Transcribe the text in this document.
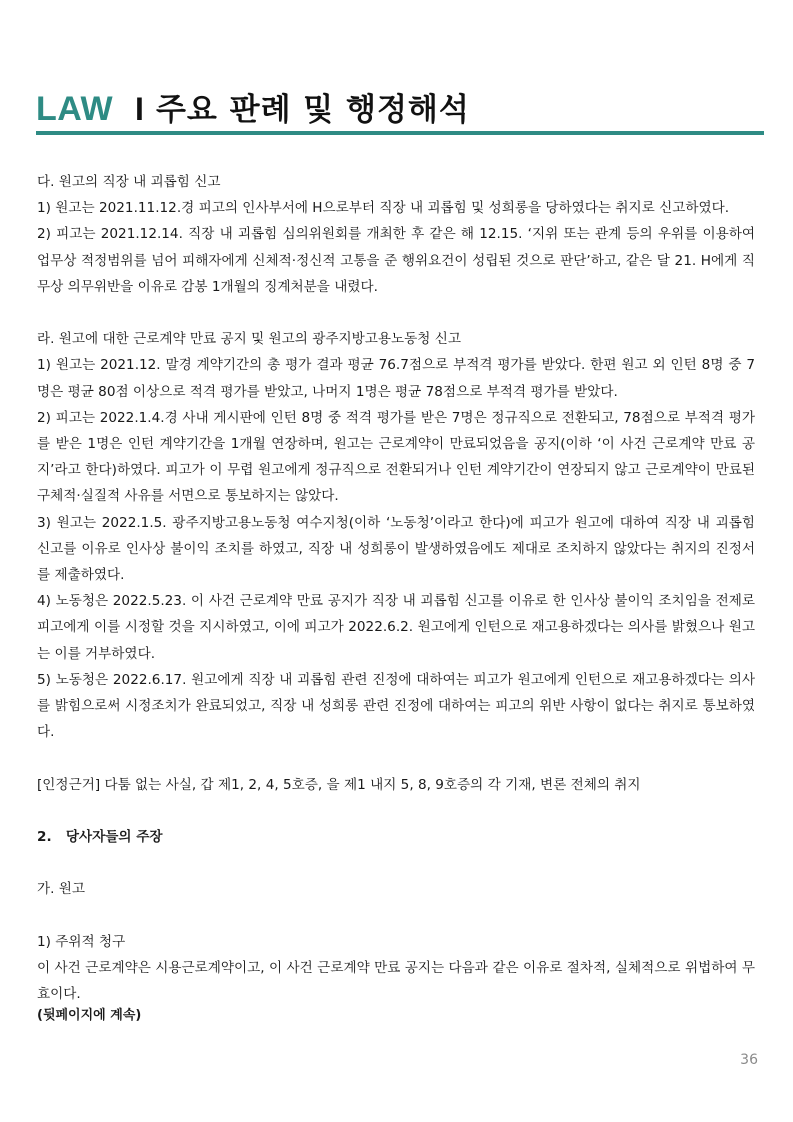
LAW I 주요 판례 및 행정해석

다. 원고의 직장 내 괴롭힘 신고

1) 원고는 2021.11.12.경 피고의 인사부서에 H으로부터 직장 내 괴롭힘 및 성희롱을 당하였다는 취지로 신고하였다.

2) 피고는 2021.12.14. 직장 내 괴롭힘 심의위원회를 개최한 후 같은 해 12.15. ‘지위 또는 관계 등의 우위를 이용하여 업무상 적정범위를 넘어 피해자에게 신체적·정신적 고통을 준 행위요건이 성립된 것으로 판단’하고, 같은 달 21. H에게 직무상 의무위반을 이유로 감봉 1개월의 징계처분을 내렸다.

라. 원고에 대한 근로계약 만료 공지 및 원고의 광주지방고용노동청 신고

1) 원고는 2021.12. 말경 계약기간의 총 평가 결과 평균 76.7점으로 부적격 평가를 받았다. 한편 원고 외 인턴 8명 중 7명은 평균 80점 이상으로 적격 평가를 받았고, 나머지 1명은 평균 78점으로 부적격 평가를 받았다.

2) 피고는 2022.1.4.경 사내 게시판에 인턴 8명 중 적격 평가를 받은 7명은 정규직으로 전환되고, 78점으로 부적격 평가를 받은 1명은 인턴 계약기간을 1개월 연장하며, 원고는 근로계약이 만료되었음을 공지(이하 ‘이 사건 근로계약 만료 공지’라고 한다)하였다. 피고가 이 무렵 원고에게 정규직으로 전환되거나 인턴 계약기간이 연장되지 않고 근로계약이 만료된 구체적·실질적 사유를 서면으로 통보하지는 않았다.

3) 원고는 2022.1.5. 광주지방고용노동청 여수지청(이하 ‘노동청’이라고 한다)에 피고가 원고에 대하여 직장 내 괴롭힘 신고를 이유로 인사상 불이익 조치를 하였고, 직장 내 성희롱이 발생하였음에도 제대로 조치하지 않았다는 취지의 진정서를 제출하였다.

4) 노동청은 2022.5.23. 이 사건 근로계약 만료 공지가 직장 내 괴롭힘 신고를 이유로 한 인사상 불이익 조치임을 전제로 피고에게 이를 시정할 것을 지시하였고, 이에 피고가 2022.6.2. 원고에게 인턴으로 재고용하겠다는 의사를 밝혔으나 원고는 이를 거부하였다.

5) 노동청은 2022.6.17. 원고에게 직장 내 괴롭힘 관련 진정에 대하여는 피고가 원고에게 인턴으로 재고용하겠다는 의사를 밝힘으로써 시정조치가 완료되었고, 직장 내 성희롱 관련 진정에 대하여는 피고의 위반 사항이 없다는 취지로 통보하였다.

[인정근거] 다툼 없는 사실, 갑 제1, 2, 4, 5호증, 을 제1 내지 5, 8, 9호증의 각 기재, 변론 전체의 취지

2.   당사자들의 주장

가. 원고

1) 주위적 청구

이 사건 근로계약은 시용근로계약이고, 이 사건 근로계약 만료 공지는 다음과 같은 이유로 절차적, 실체적으로 위법하여 무효이다.

(뒷페이지에 계속)

36
